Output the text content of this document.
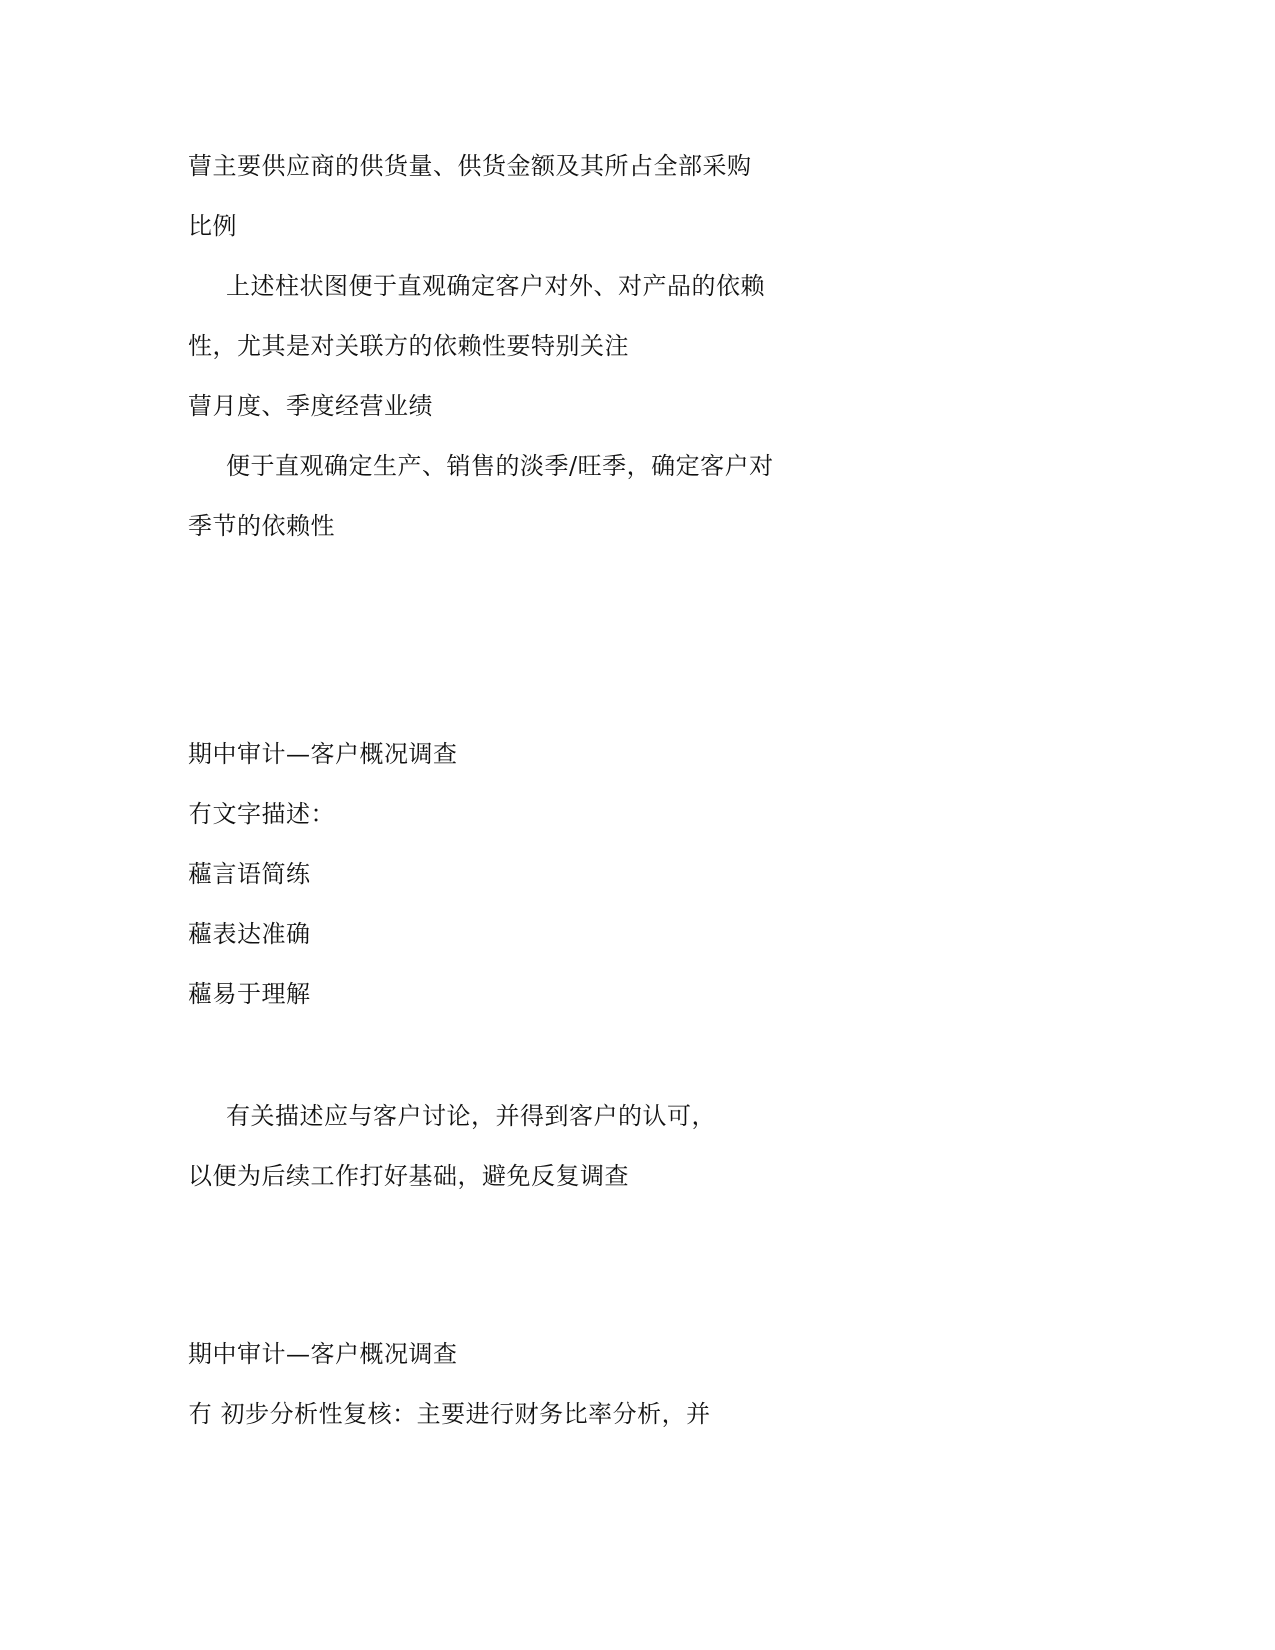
萺主要供应商的供货量、供货金额及其所占全部采购
比例
上述柱状图便于直观确定客户对外、对产品的依赖
性，尤其是对关联方的依赖性要特别关注
萺月度、季度经营业绩
便于直观确定生产、销售的淡季/旺季，确定客户对
季节的依赖性
期中审计—客户概况调查
冇文字描述：
藲言语简练
藲表达准确
藲易于理解
有关描述应与客户讨论，并得到客户的认可，
以便为后续工作打好基础，避免反复调查
期中审计—客户概况调查
冇 初步分析性复核：主要进行财务比率分析，并
